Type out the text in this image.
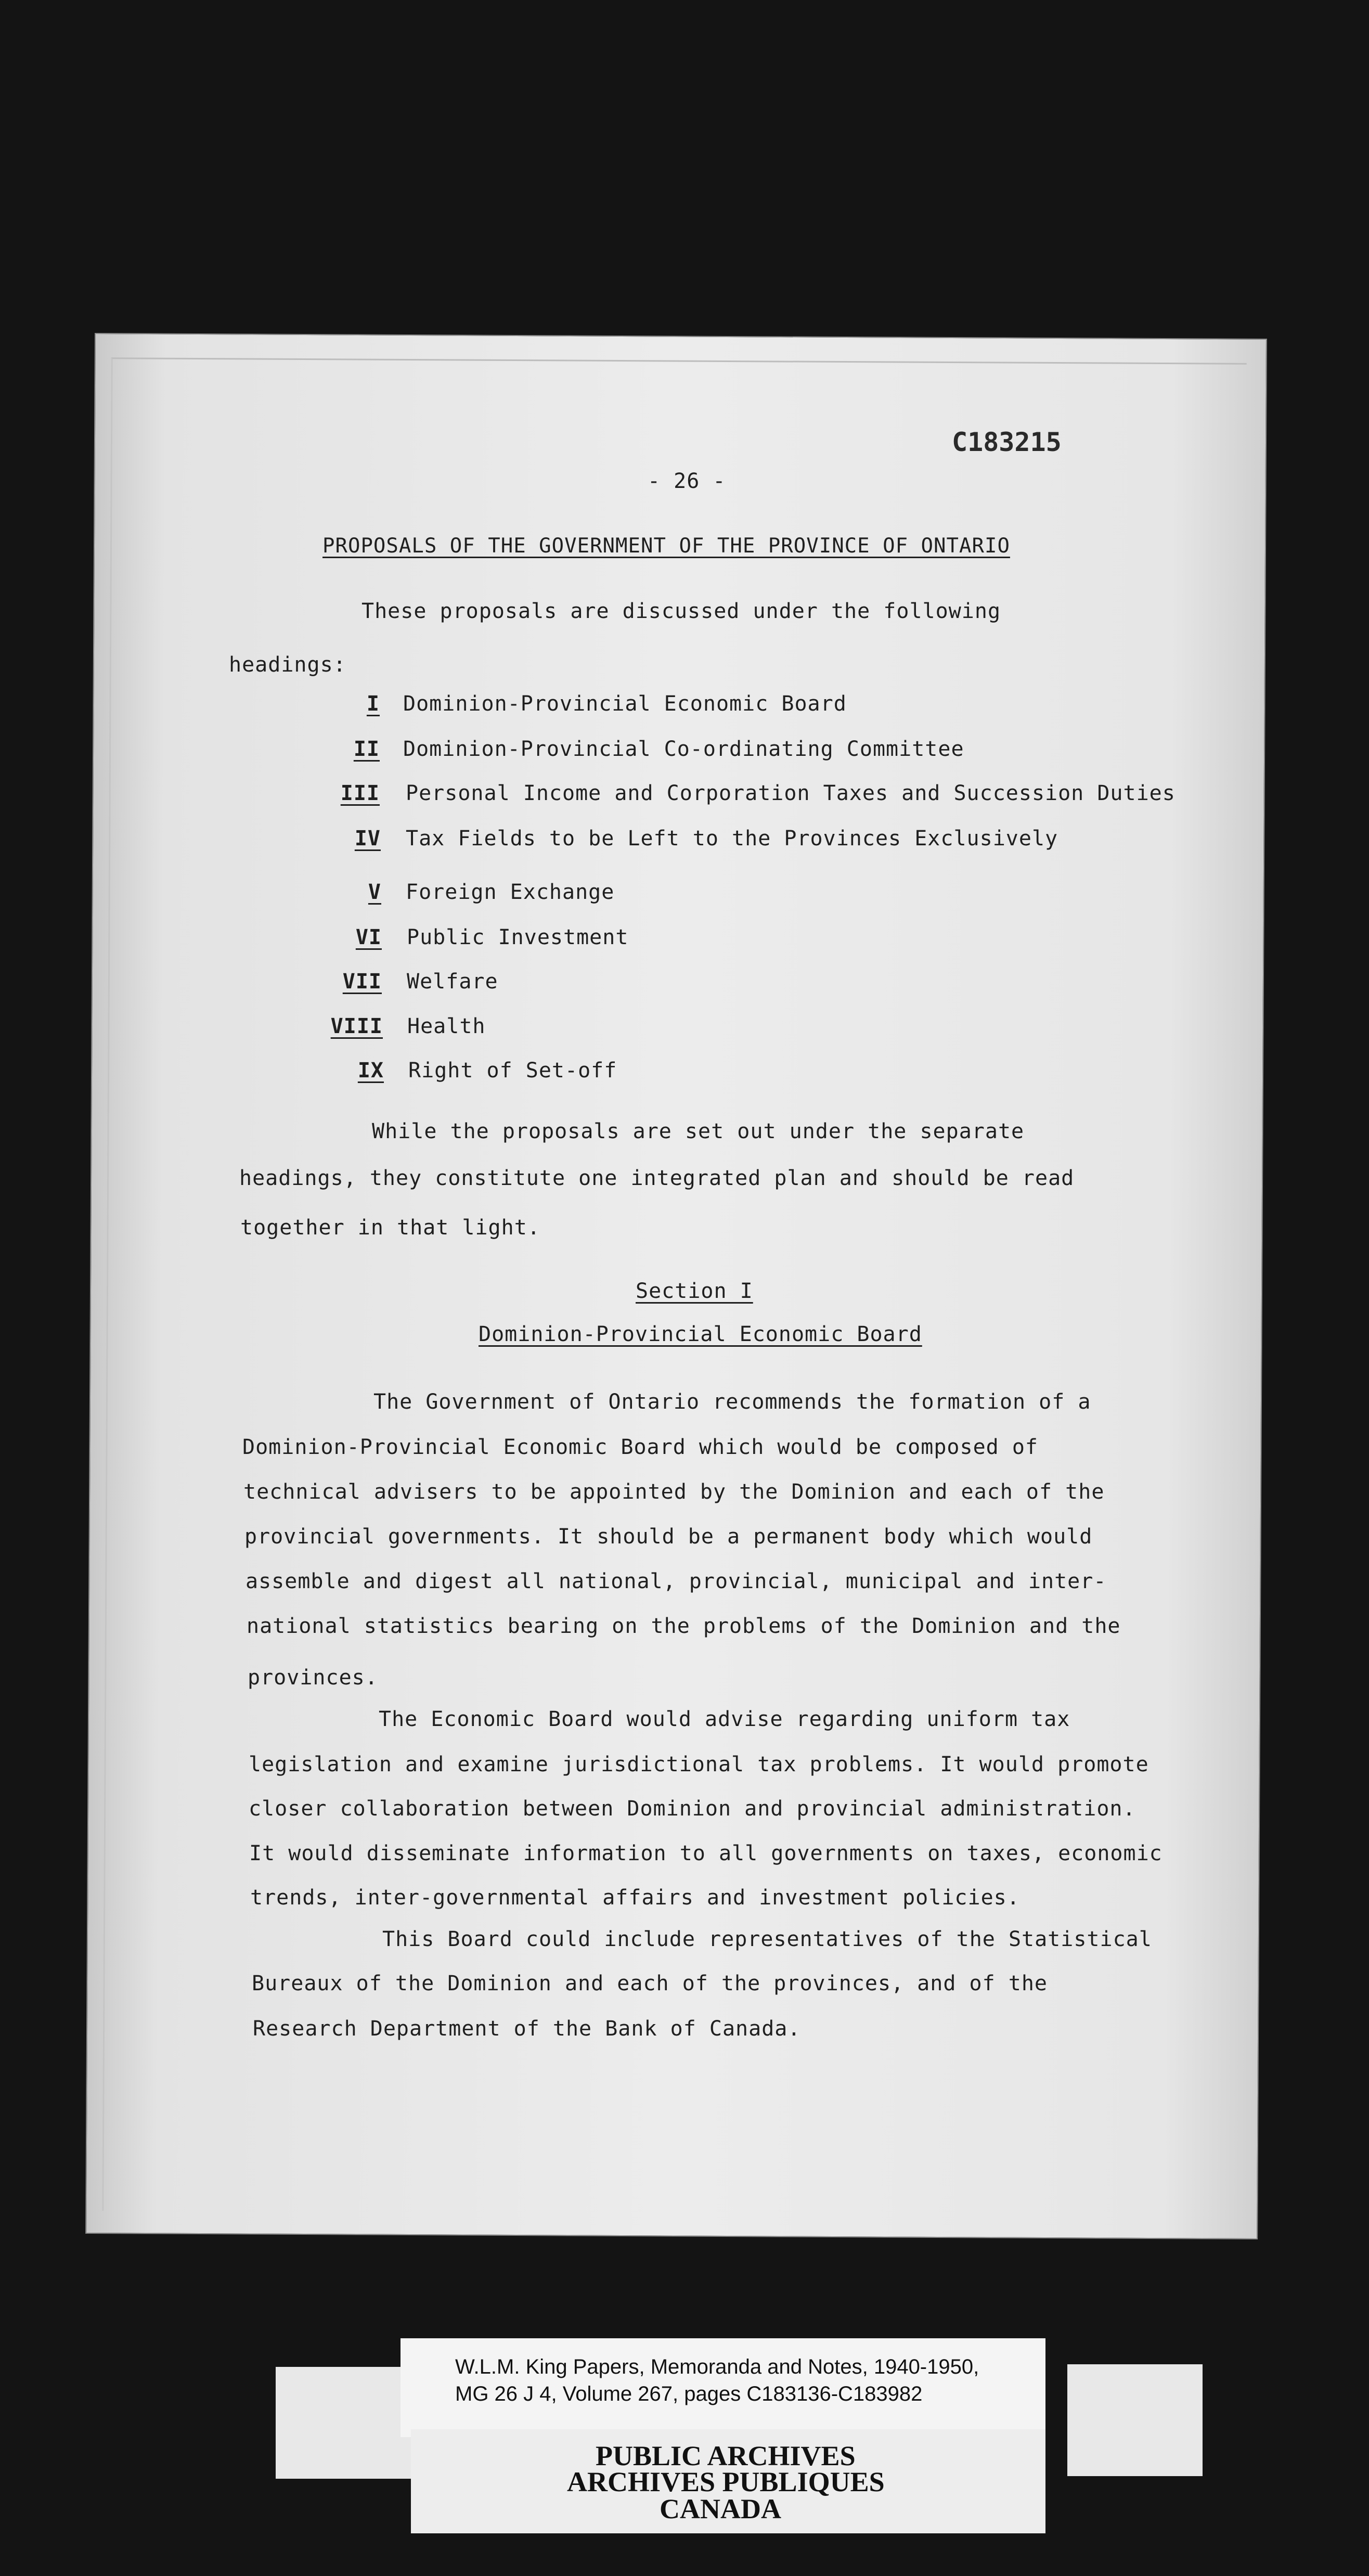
C183215
- 26 -
PROPOSALS OF THE GOVERNMENT OF THE PROVINCE OF ONTARIO
These proposals are discussed under the following
headings:
I Dominion-Provincial Economic Board
II Dominion-Provincial Co-ordinating Committee
III Personal Income and Corporation Taxes and Succession Duties
IV Tax Fields to be Left to the Provinces Exclusively
V Foreign Exchange
VI Public Investment
VII Welfare
VIII Health
IX Right of Set-off
While the proposals are set out under the separate
headings, they constitute one integrated plan and should be read
together in that light.
Section I
Dominion-Provincial Economic Board
The Government of Ontario recommends the formation of a
Dominion-Provincial Economic Board which would be composed of
technical advisers to be appointed by the Dominion and each of the
provincial governments. It should be a permanent body which would
assemble and digest all national, provincial, municipal and inter-
national statistics bearing on the problems of the Dominion and the
provinces.
The Economic Board would advise regarding uniform tax
legislation and examine jurisdictional tax problems. It would promote
closer collaboration between Dominion and provincial administration.
It would disseminate information to all governments on taxes, economic
trends, inter-governmental affairs and investment policies.
This Board could include representatives of the Statistical
Bureaux of the Dominion and each of the provinces, and of the
Research Department of the Bank of Canada.
W.L.M. King Papers, Memoranda and Notes, 1940-1950,
MG 26 J 4, Volume 267, pages C183136-C183982
PUBLIC ARCHIVES
ARCHIVES PUBLIQUES
CANADA
